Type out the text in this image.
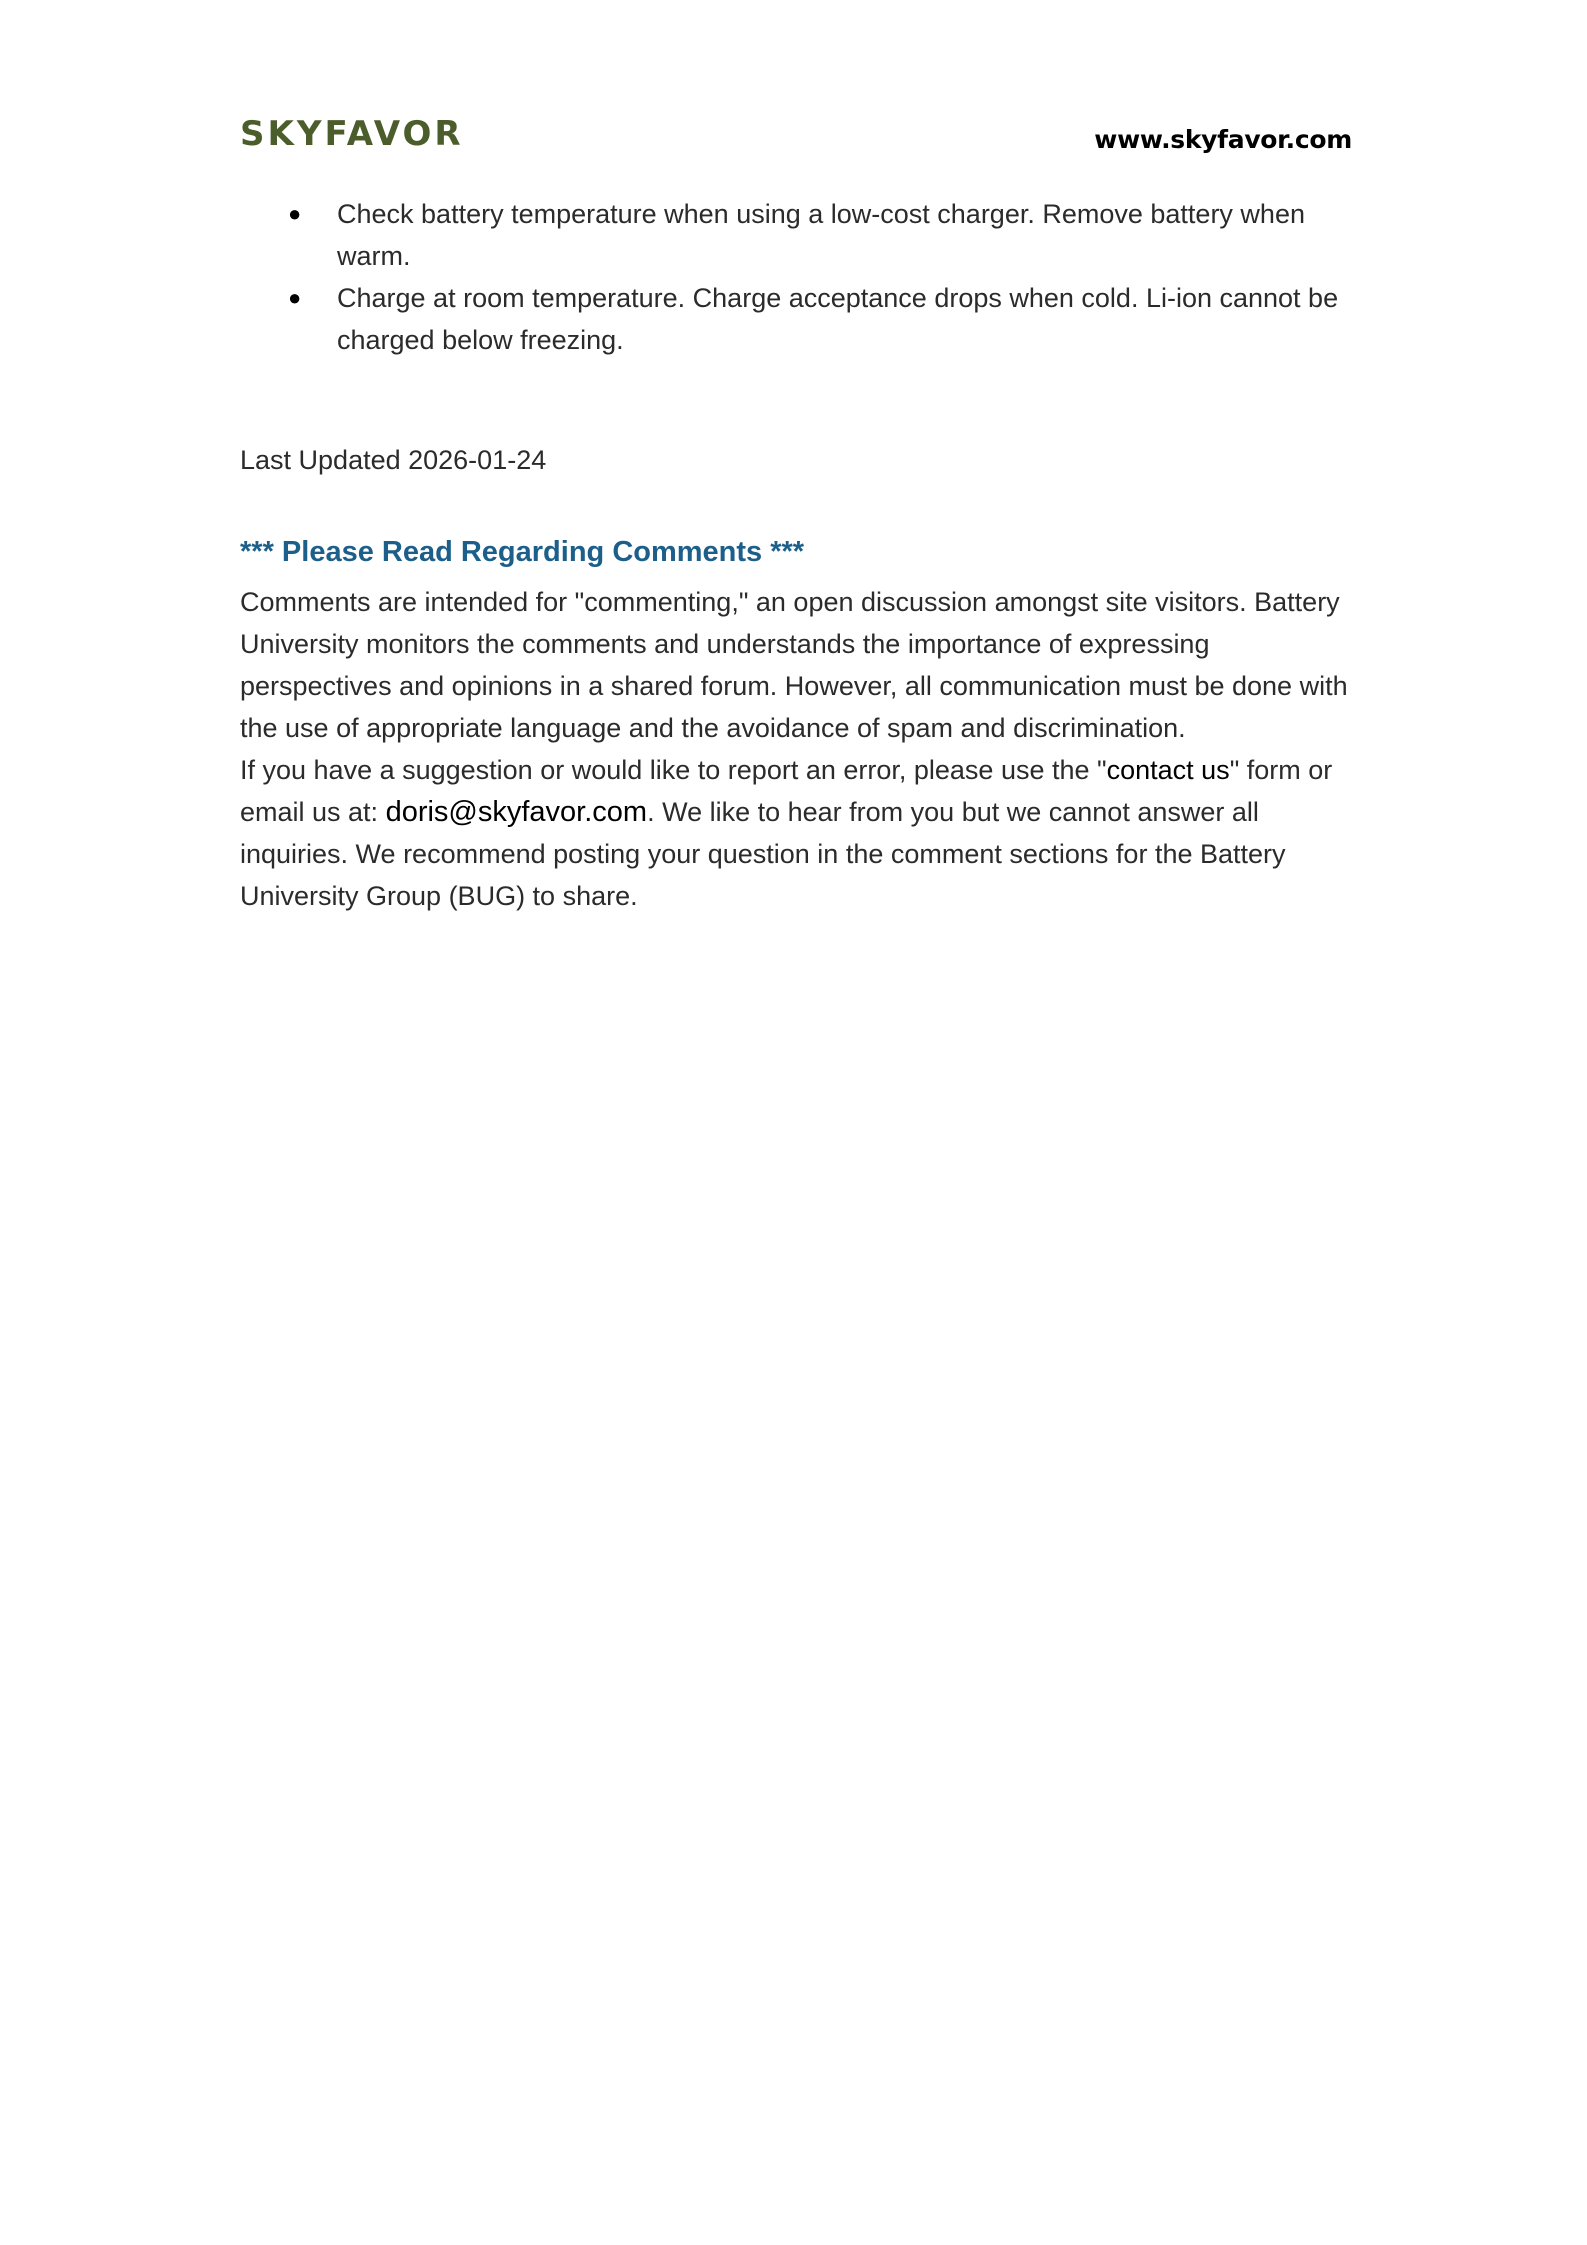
SKYFAVOR	www.skyfavor.com
● Check battery temperature when using a low-cost charger. Remove battery when warm.
● Charge at room temperature. Charge acceptance drops when cold. Li-ion cannot be charged below freezing.
Last Updated 2026-01-24
*** Please Read Regarding Comments ***

Comments are intended for "commenting," an open discussion amongst site visitors. Battery University monitors the comments and understands the importance of expressing perspectives and opinions in a shared forum. However, all communication must be done with the use of appropriate language and the avoidance of spam and discrimination.

If you have a suggestion or would like to report an error, please use the "contact us" form or email us at: doris@skyfavor.com. We like to hear from you but we cannot answer all inquiries. We recommend posting your question in the comment sections for the Battery University Group (BUG) to share.
